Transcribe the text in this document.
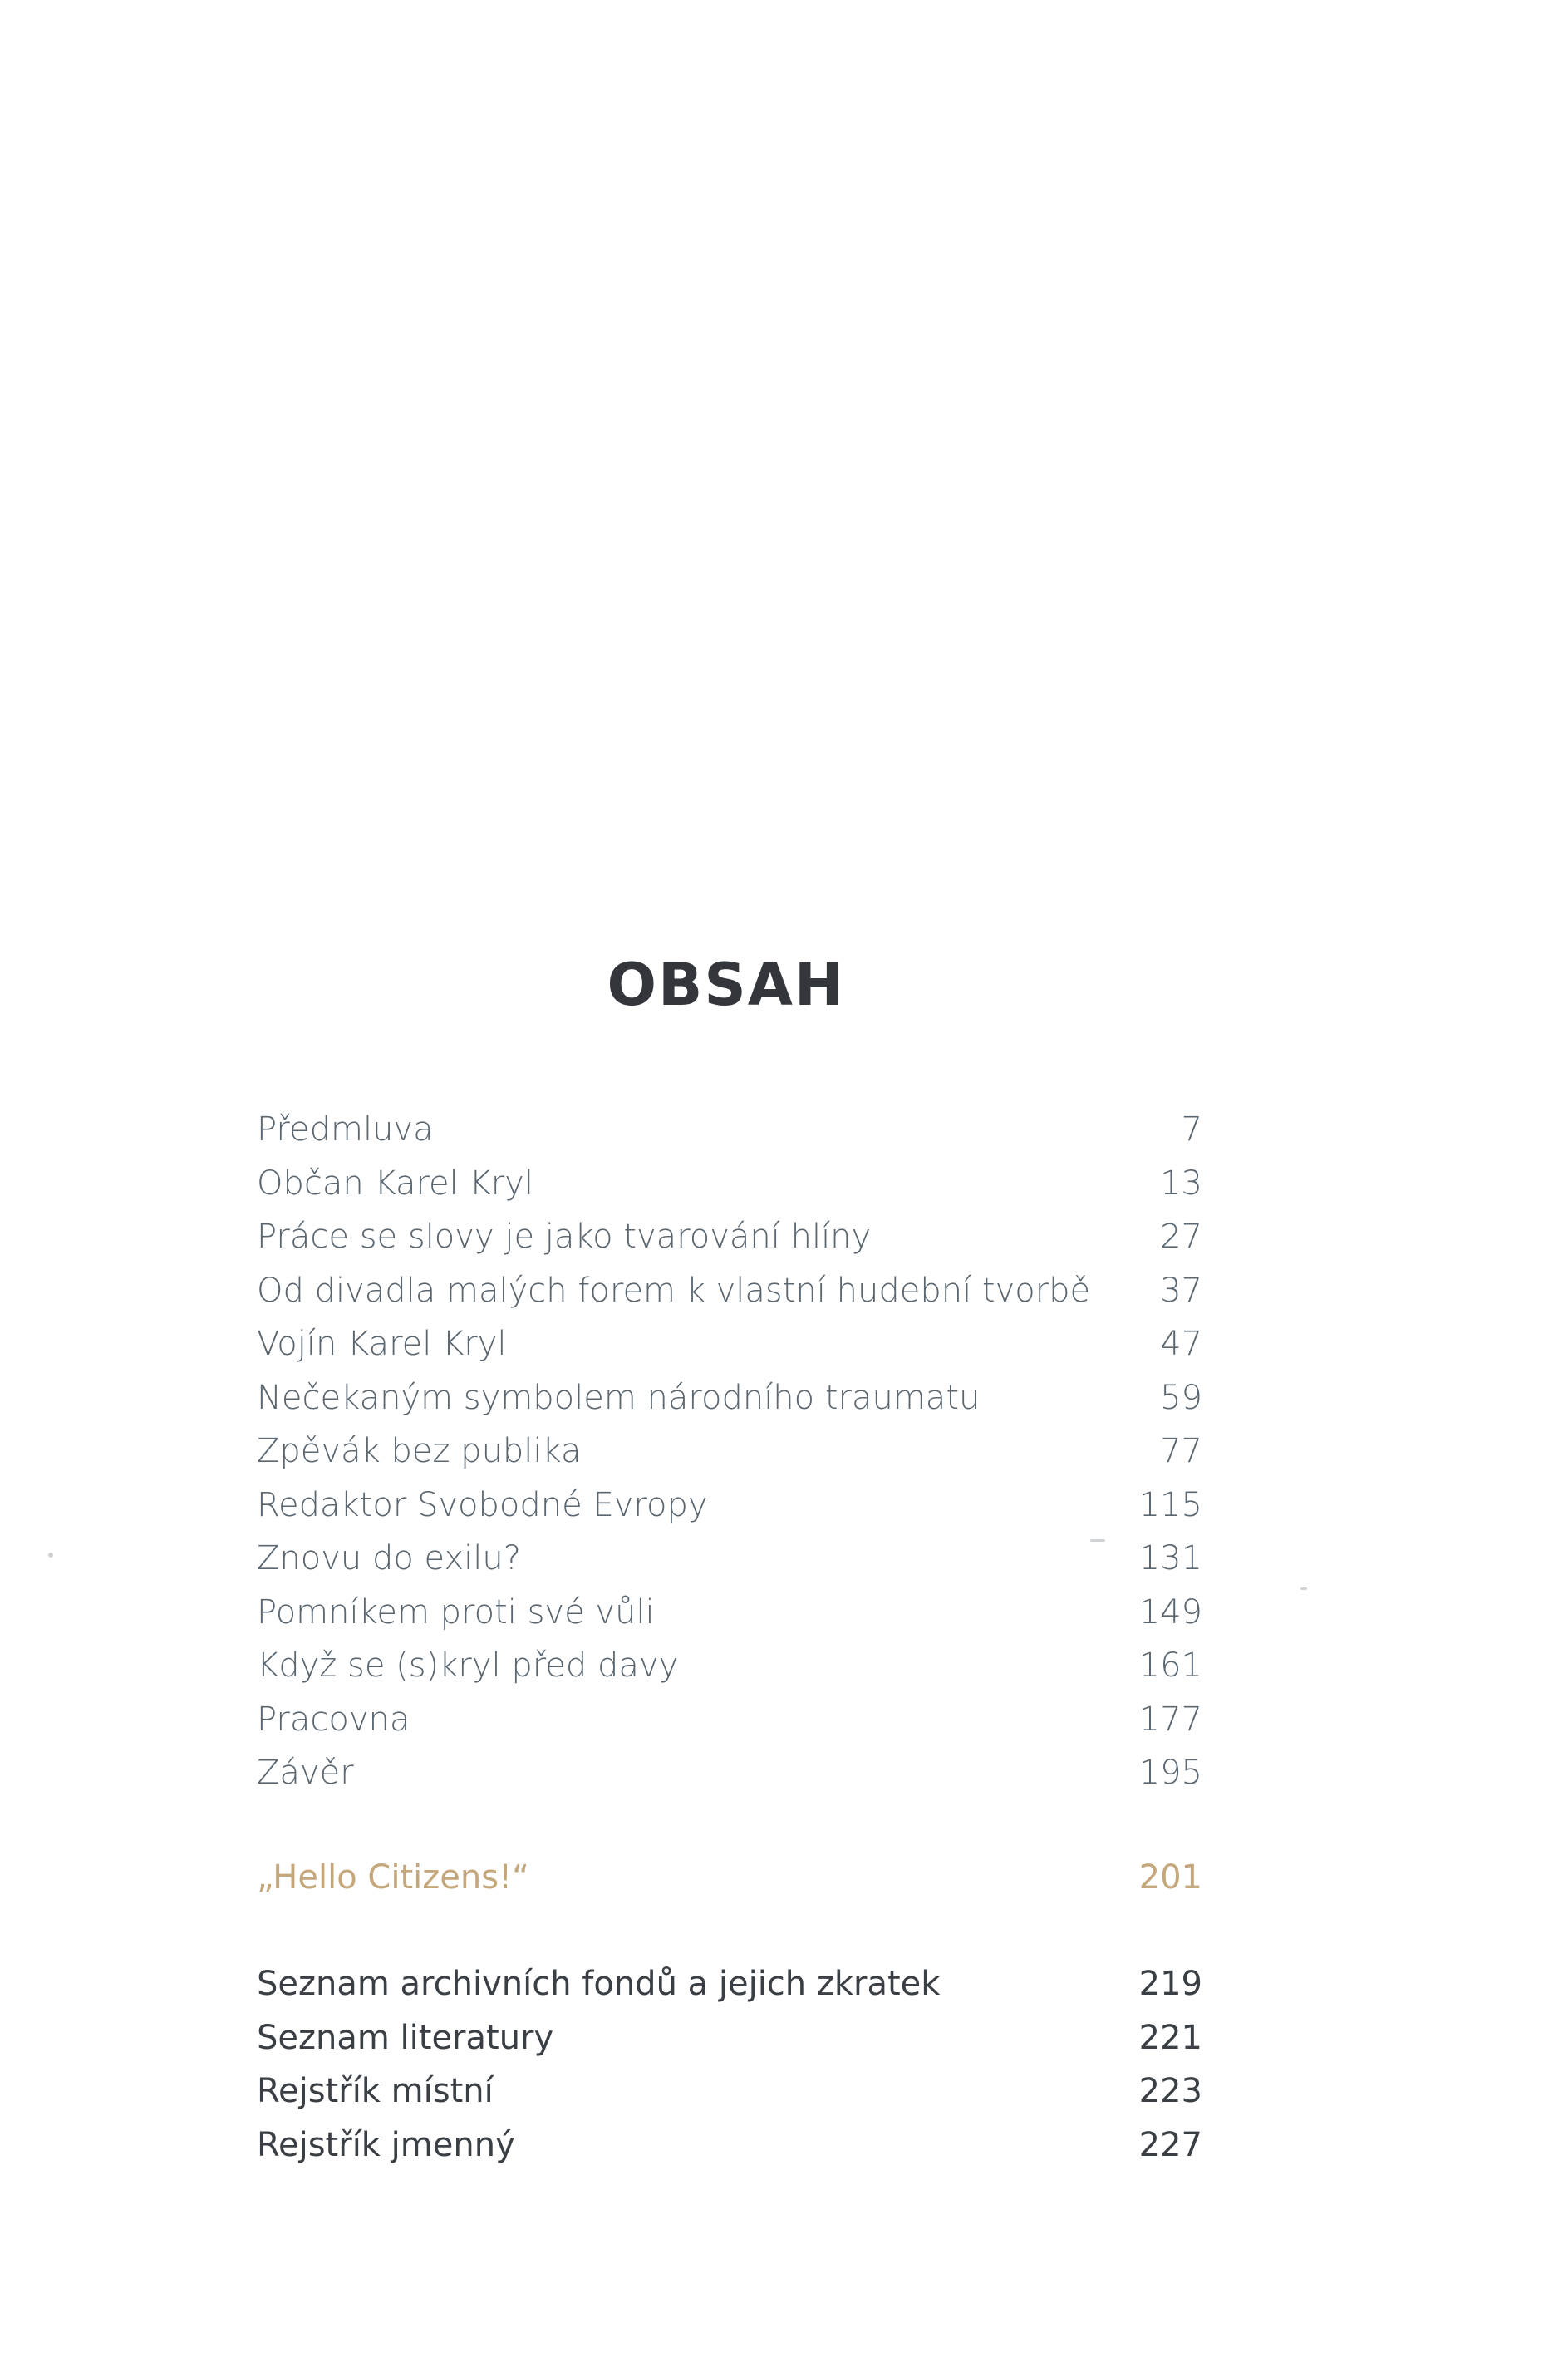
OBSAH
Předmluva	7
Občan Karel Kryl	13
Práce se slovy je jako tvarování hlíny	27
Od divadla malých forem k vlastní hudební tvorbě 37
Vojín Karel Kryl	47
Nečekaným symbolem národního traumatu	59
Zpěvák bez publika	77
Redaktor Svobodné Evropy	115
Znovu do exilu?	131
Pomníkem proti své vůli	149
Když se (s)kryl před davy	161
Pracovna	177
Závěr	195
„Hello Citizens!“	201
Seznam archivních fondů a jejich zkratek	219
Seznam literatury	221
Rejstřík místní	223
Rejstřík jmenný	227
